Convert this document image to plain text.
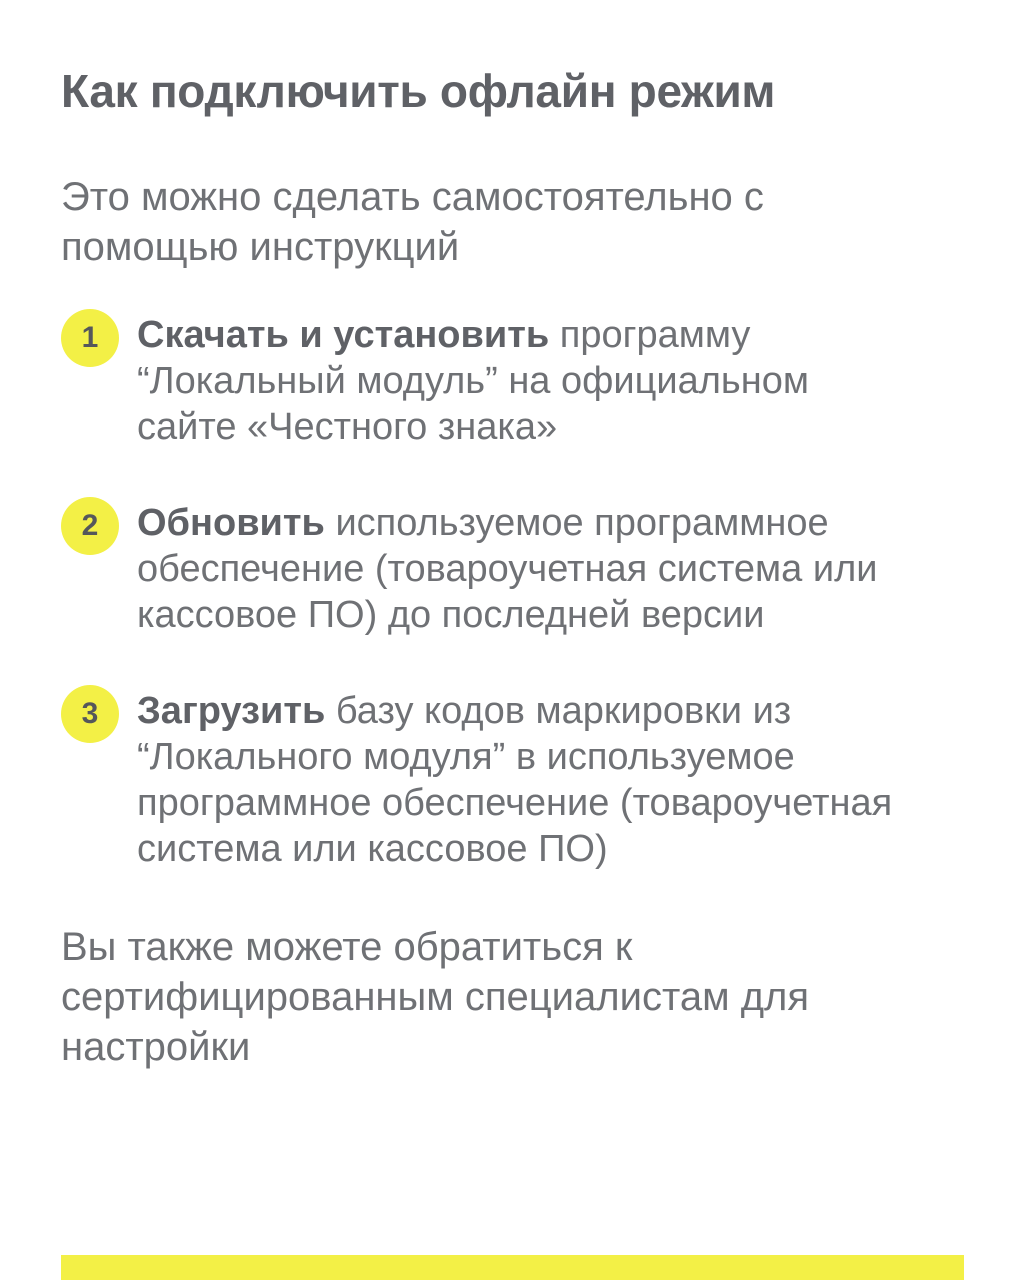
Как подключить офлайн режим

Это можно сделать самостоятельно с помощью инструкций

1	Скачать и установить программу “Локальный модуль” на официальном сайте «Честного знака»
2	Обновить используемое программное обеспечение (товароучетная система или кассовое ПО) до последней версии
3	Загрузить базу кодов маркировки из “Локального модуля” в используемое программное обеспечение (товароучетная система или кассовое ПО)

Вы также можете обратиться к сертифицированным специалистам для настройки
